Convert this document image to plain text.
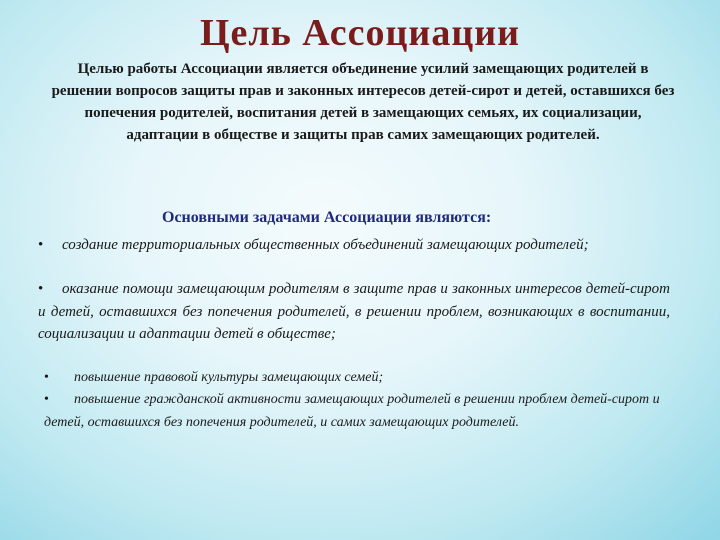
Цель Ассоциации

Целью работы Ассоциации является объединение усилий замещающих родителей в решении вопросов защиты прав и законных интересов детей-сирот и детей, оставшихся без попечения родителей, воспитания детей в замещающих семьях, их социализации, адаптации в обществе и защиты прав самих замещающих родителей.

Основными задачами Ассоциации являются:

• создание территориальных общественных объединений замещающих родителей;

• оказание помощи замещающим родителям в защите прав и законных интересов детей-сирот и детей, оставшихся без попечения родителей, в решении проблем, возникающих в воспитании, социализации и адаптации детей в обществе;

• повышение правовой культуры замещающих семей;

• повышение гражданской активности замещающих родителей в решении проблем детей-сирот и детей, оставшихся без попечения родителей, и самих замещающих родителей.
